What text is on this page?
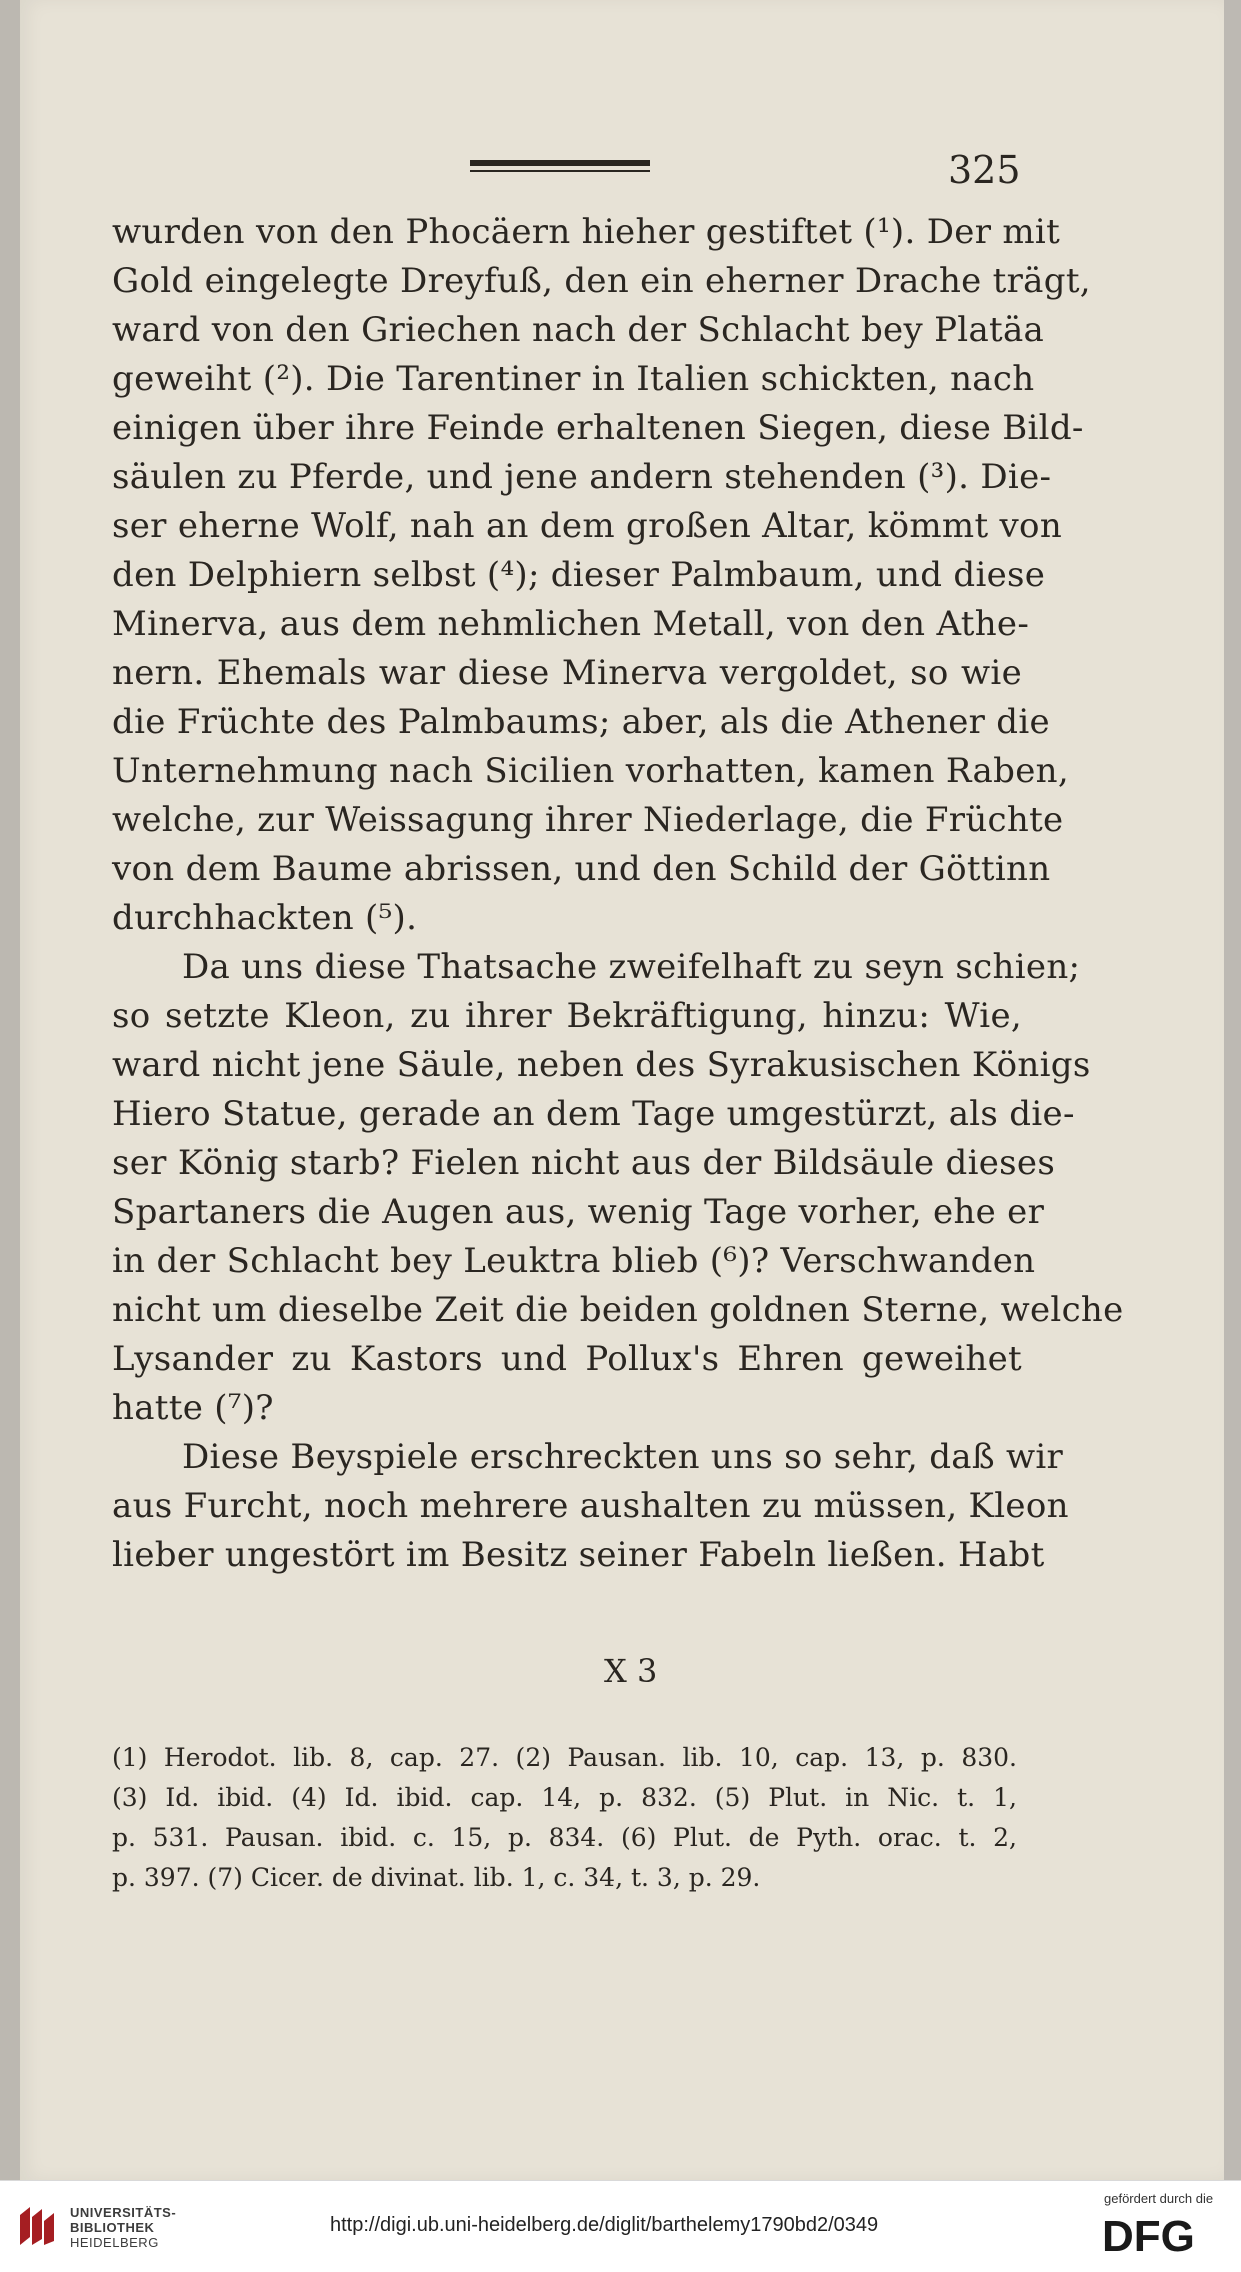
325
wurden von den Phocäern hieher gestiftet (¹). Der mit
Gold eingelegte Dreyfuß, den ein eherner Drache trägt,
ward von den Griechen nach der Schlacht bey Platäa
geweiht (²). Die Tarentiner in Italien schickten, nach
einigen über ihre Feinde erhaltenen Siegen, diese Bild-
säulen zu Pferde, und jene andern stehenden (³). Die-
ser eherne Wolf, nah an dem großen Altar, kömmt von
den Delphiern selbst (⁴); dieser Palmbaum, und diese
Minerva, aus dem nehmlichen Metall, von den Athe-
nern. Ehemals war diese Minerva vergoldet, so wie
die Früchte des Palmbaums; aber, als die Athener die
Unternehmung nach Sicilien vorhatten, kamen Raben,
welche, zur Weissagung ihrer Niederlage, die Früchte
von dem Baume abrissen, und den Schild der Göttinn
durchhackten (⁵).
Da uns diese Thatsache zweifelhaft zu seyn schien;
so setzte Kleon, zu ihrer Bekräftigung, hinzu: Wie,
ward nicht jene Säule, neben des Syrakusischen Königs
Hiero Statue, gerade an dem Tage umgestürzt, als die-
ser König starb? Fielen nicht aus der Bildsäule dieses
Spartaners die Augen aus, wenig Tage vorher, ehe er
in der Schlacht bey Leuktra blieb (⁶)? Verschwanden
nicht um dieselbe Zeit die beiden goldnen Sterne, welche
Lysander zu Kastors und Pollux's Ehren geweihet
hatte (⁷)?
Diese Beyspiele erschreckten uns so sehr, daß wir
aus Furcht, noch mehrere aushalten zu müssen, Kleon
lieber ungestört im Besitz seiner Fabeln ließen. Habt
X 3
(1) Herodot. lib. 8, cap. 27. (2) Pausan. lib. 10, cap. 13, p. 830.
(3) Id. ibid. (4) Id. ibid. cap. 14, p. 832. (5) Plut. in Nic. t. 1,
p. 531. Pausan. ibid. c. 15, p. 834. (6) Plut. de Pyth. orac. t. 2,
p. 397. (7) Cicer. de divinat. lib. 1, c. 34, t. 3, p. 29.
UNIVERSITÄTS-
BIBLIOTHEK
HEIDELBERG
http://digi.ub.uni-heidelberg.de/diglit/barthelemy1790bd2/0349
gefördert durch die
DFG
